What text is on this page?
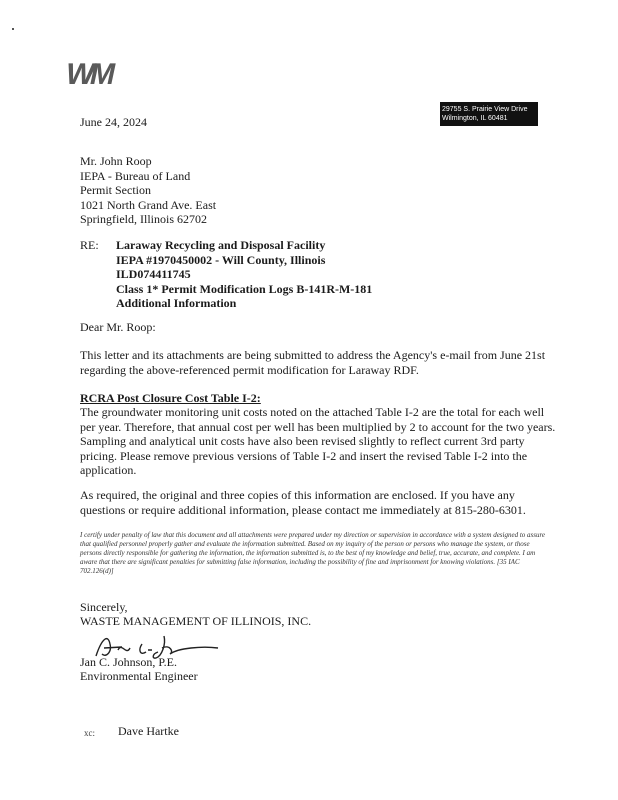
WM
29755 S. Prairie View Drive
Wilmington, IL 60481
June 24, 2024
Mr. John Roop
IEPA - Bureau of Land
Permit Section
1021 North Grand Ave. East
Springfield, Illinois 62702
RE: Laraway Recycling and Disposal Facility
IEPA #1970450002 - Will County, Illinois
ILD074411745
Class 1* Permit Modification Logs B-141R-M-181
Additional Information
Dear Mr. Roop:
This letter and its attachments are being submitted to address the Agency's e-mail from June 21st regarding the above-referenced permit modification for Laraway RDF.
RCRA Post Closure Cost Table I-2:
The groundwater monitoring unit costs noted on the attached Table I-2 are the total for each well per year. Therefore, that annual cost per well has been multiplied by 2 to account for the two years. Sampling and analytical unit costs have also been revised slightly to reflect current 3rd party pricing. Please remove previous versions of Table I-2 and insert the revised Table I-2 into the application.
As required, the original and three copies of this information are enclosed. If you have any questions or require additional information, please contact me immediately at 815-280-6301.
I certify under penalty of law that this document and all attachments were prepared under my direction or supervision in accordance with a system designed to assure that qualified personnel properly gather and evaluate the information submitted. Based on my inquiry of the person or persons who manage the system, or those persons directly responsible for gathering the information, the information submitted is, to the best of my knowledge and belief, true, accurate, and complete. I am aware that there are significant penalties for submitting false information, including the possibility of fine and imprisonment for knowing violations. [35 IAC 702.126(d)]
Sincerely,
WASTE MANAGEMENT OF ILLINOIS, INC.
Jan C. Johnson, P.E.
Environmental Engineer
xc: Dave Hartke
